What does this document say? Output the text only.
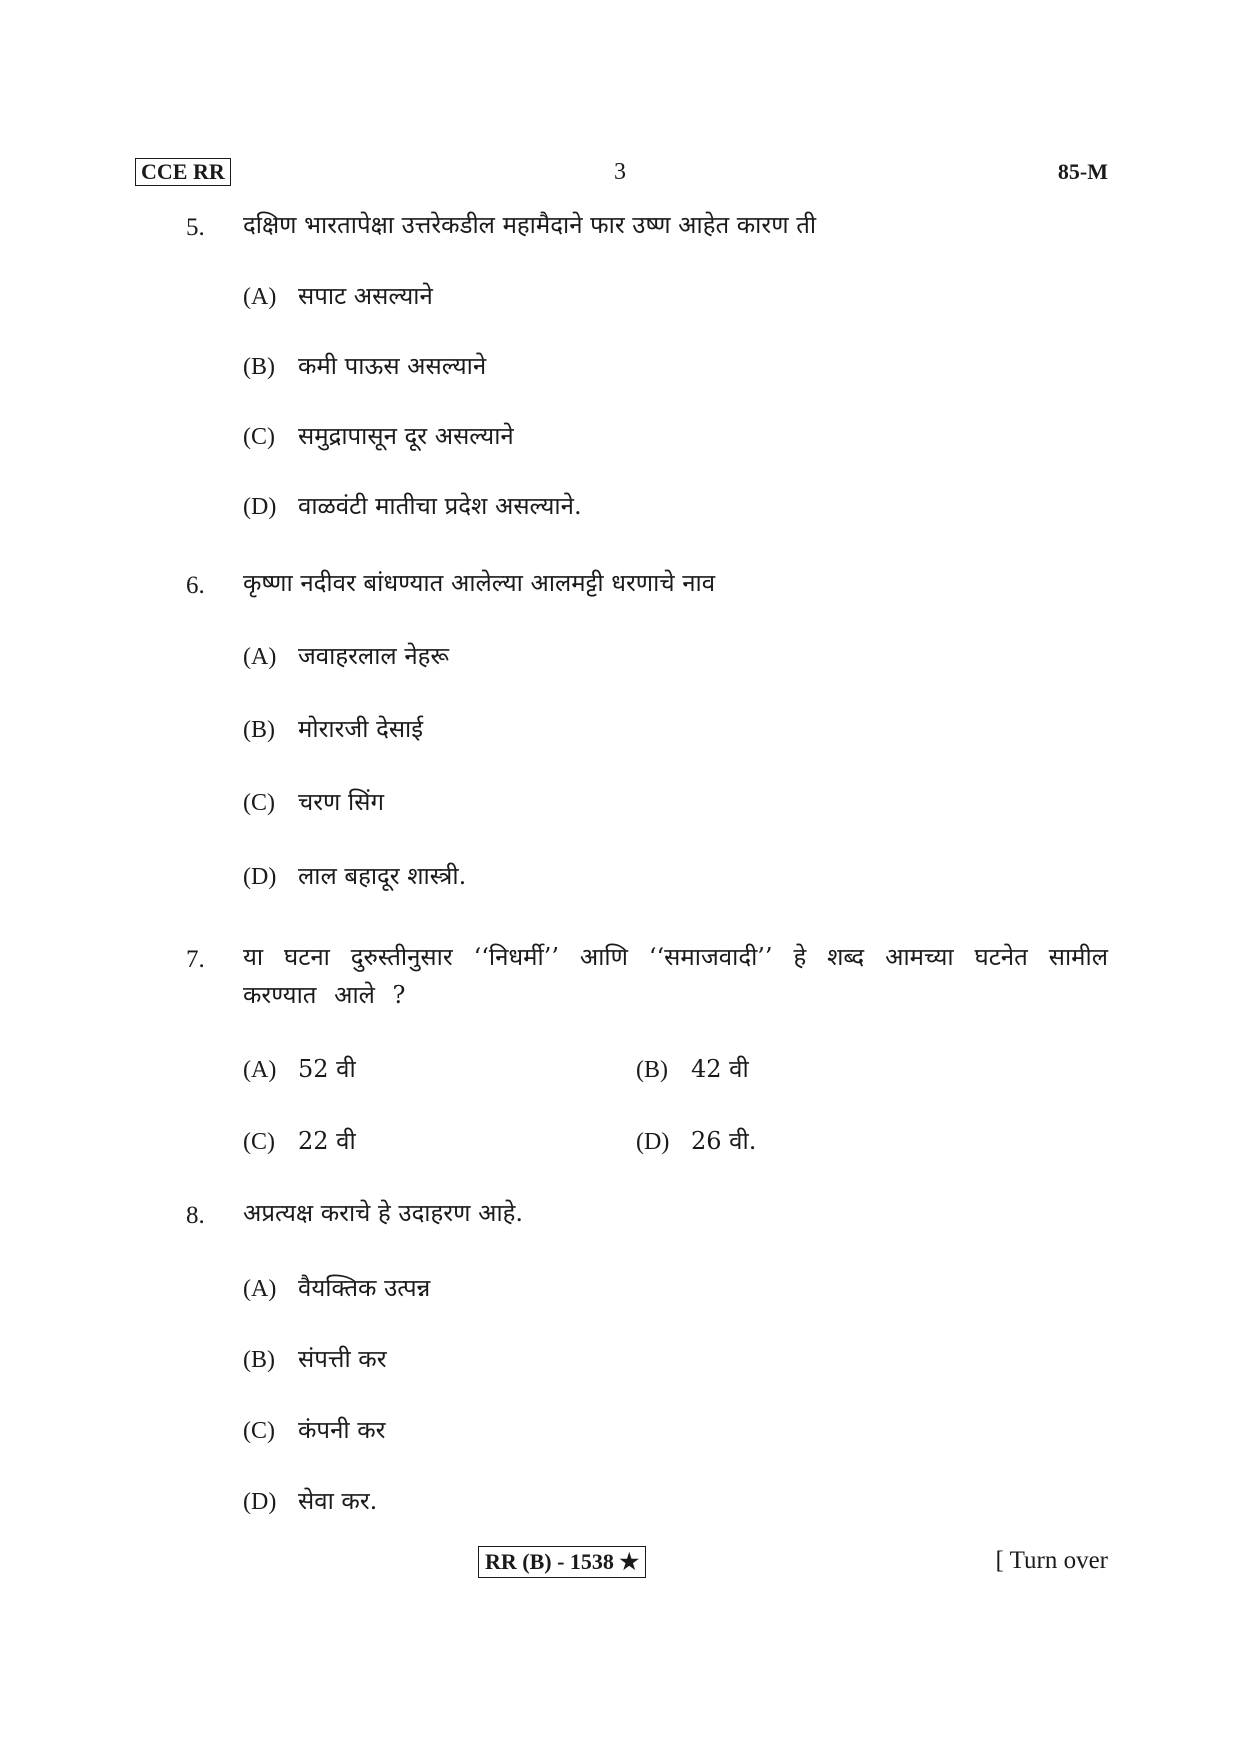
CCE RR	3	85-M
5.	दक्षिण भारतापेक्षा उत्तरेकडील महामैदाने फार उष्ण आहेत कारण ती
(A) सपाट असल्याने
(B) कमी पाऊस असल्याने
(C) समुद्रापासून दूर असल्याने
(D) वाळवंटी मातीचा प्रदेश असल्याने.
6.	कृष्णा नदीवर बांधण्यात आलेल्या आलमट्टी धरणाचे नाव
(A) जवाहरलाल नेहरू
(B) मोरारजी देसाई
(C) चरण सिंग
(D) लाल बहादूर शास्त्री.
7.	या घटना दुरुस्तीनुसार ‘‘निधर्मी’’ आणि ‘‘समाजवादी’’ हे शब्द आमच्या घटनेत सामील करण्यात आले ?
(A) 52 वी	(B) 42 वी
(C) 22 वी	(D) 26 वी.
8.	अप्रत्यक्ष कराचे हे उदाहरण आहे.
(A) वैयक्तिक उत्पन्न
(B) संपत्ती कर
(C) कंपनी कर
(D) सेवा कर.
RR (B) - 1538 ★	[ Turn over
